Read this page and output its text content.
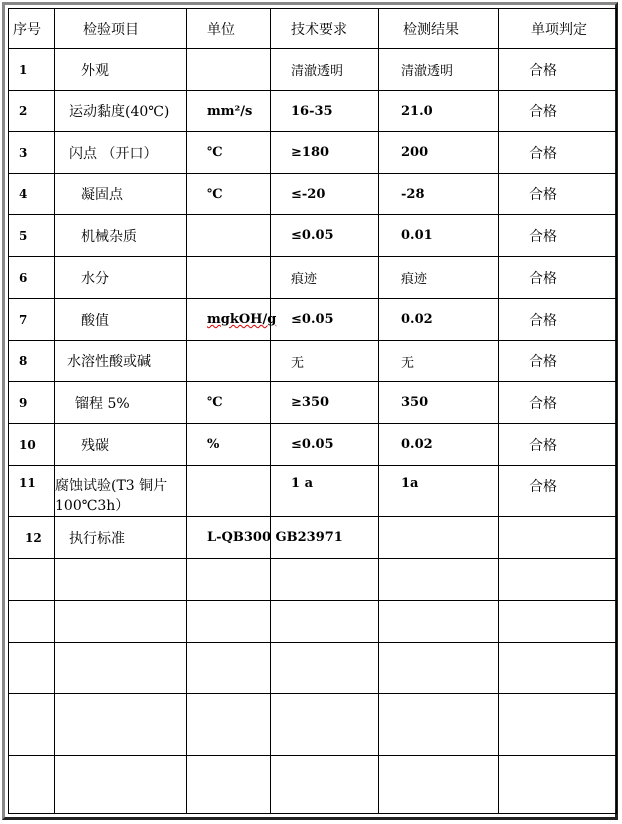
序号	检验项目	单位	技术要求	检测结果	单项判定
1	外观		清澈透明	清澈透明	合格
2	运动黏度(40℃)	mm²/s	16-35	21.0	合格
3	闪点 （开口）	℃	≥180	200	合格
4	凝固点	℃	≤-20	-28	合格
5	机械杂质		≤0.05	0.01	合格
6	水分		痕迹	痕迹	合格
7	酸值	mgkOH/g	≤0.05	0.02	合格
8	水溶性酸或碱		无	无	合格
9	镏程 5%	℃	≥350	350	合格
10	残碳	%	≤0.05	0.02	合格
11	腐蚀试验(T3 铜片 100℃3h）		1 a	1a	合格
12	执行标准	L-QB300 GB23971			
